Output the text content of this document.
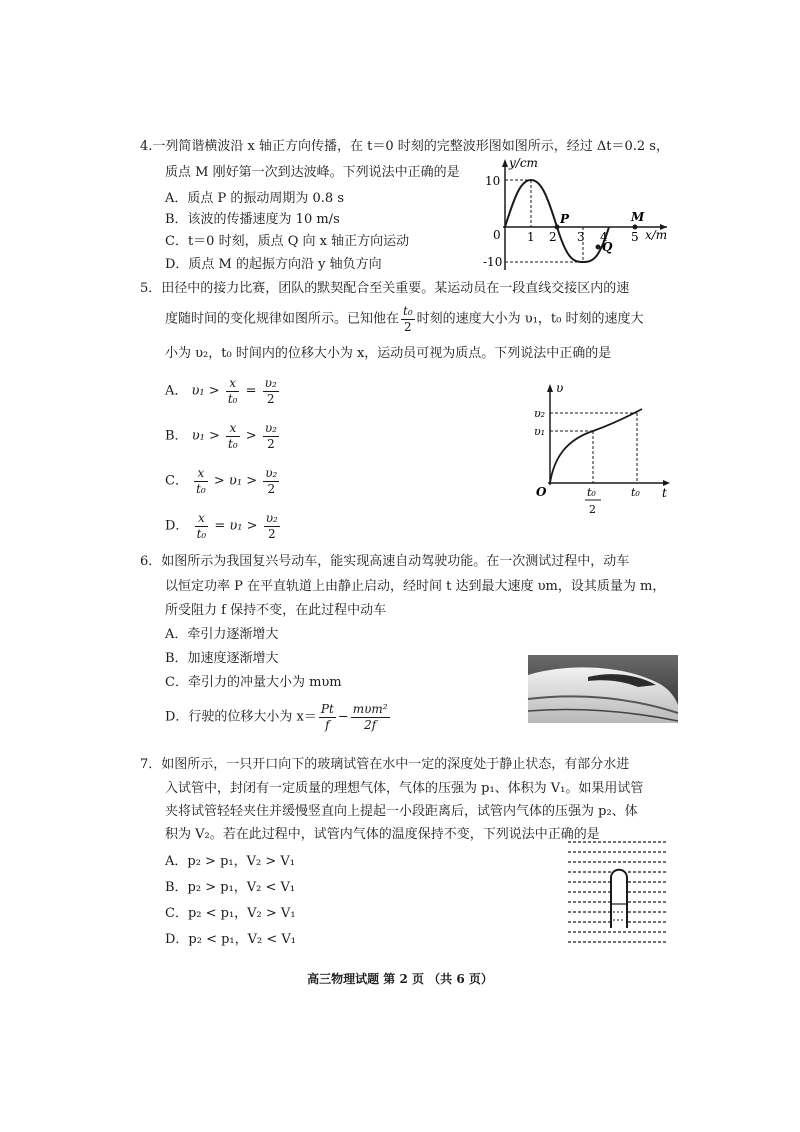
4.一列简谐横波沿 x 轴正方向传播，在 t＝0 时刻的完整波形图如图所示，经过 Δt＝0.2 s，
质点 M 刚好第一次到达波峰。下列说法中正确的是
A．质点 P 的振动周期为 0.8 s
B．该波的传播速度为 10 m/s
C．t＝0 时刻，质点 Q 向 x 轴正方向运动
D．质点 M 的起振方向沿 y 轴负方向
y/cm
x/m
0
10
-10
1 2 3 4 5
P
Q
M
5．田径中的接力比赛，团队的默契配合至关重要。某运动员在一段直线交接区内的速
度随时间的变化规律如图所示。已知他在 $\frac{\text{t₀}}{2}$ 时刻的速度大小为 υ₁，t₀ 时刻的速度大
小为 υ₂，t₀ 时间内的位移大小为 x，运动员可视为质点。下列说法中正确的是
A． $\upsilon_1 > \frac{x}{\text{t₀}} = \frac{\text{υ₂}}{2}$
B． $\upsilon_1 > \frac{x}{\text{t₀}} > \frac{\text{υ₂}}{2}$
C． $\frac{x}{\text{t₀}} > \upsilon_1 > \frac{\text{υ₂}}{2}$
D． $\frac{x}{\text{t₀}} = \upsilon_1 > \frac{\text{υ₂}}{2}$
υ
t
O
υ₂
υ₁
t₀
2
t₀
6．如图所示为我国复兴号动车，能实现高速自动驾驶功能。在一次测试过程中，动车
以恒定功率 P 在平直轨道上由静止启动，经时间 t 达到最大速度 υm，设其质量为 m，
所受阻力 f 保持不变，在此过程中动车
A．牵引力逐渐增大
B．加速度逐渐增大
C．牵引力的冲量大小为 mυm
D．行驶的位移大小为 $x= \frac{Pt}{f} - \frac{\text{mυm²}}{2f}$
7．如图所示，一只开口向下的玻璃试管在水中一定的深度处于静止状态，有部分水进
入试管中，封闭有一定质量的理想气体，气体的压强为 p₁、体积为 V₁。如果用试管
夹将试管轻轻夹住并缓慢竖直向上提起一小段距离后，试管内气体的压强为 p₂、体
积为 V₂。若在此过程中，试管内气体的温度保持不变，下列说法中正确的是
A．p₂ > p₁，V₂ > V₁
B．p₂ > p₁，V₂ < V₁
C．p₂ < p₁，V₂ > V₁
D．p₂ < p₁，V₂ < V₁
高三物理试题 第 2 页 （共 6 页）
